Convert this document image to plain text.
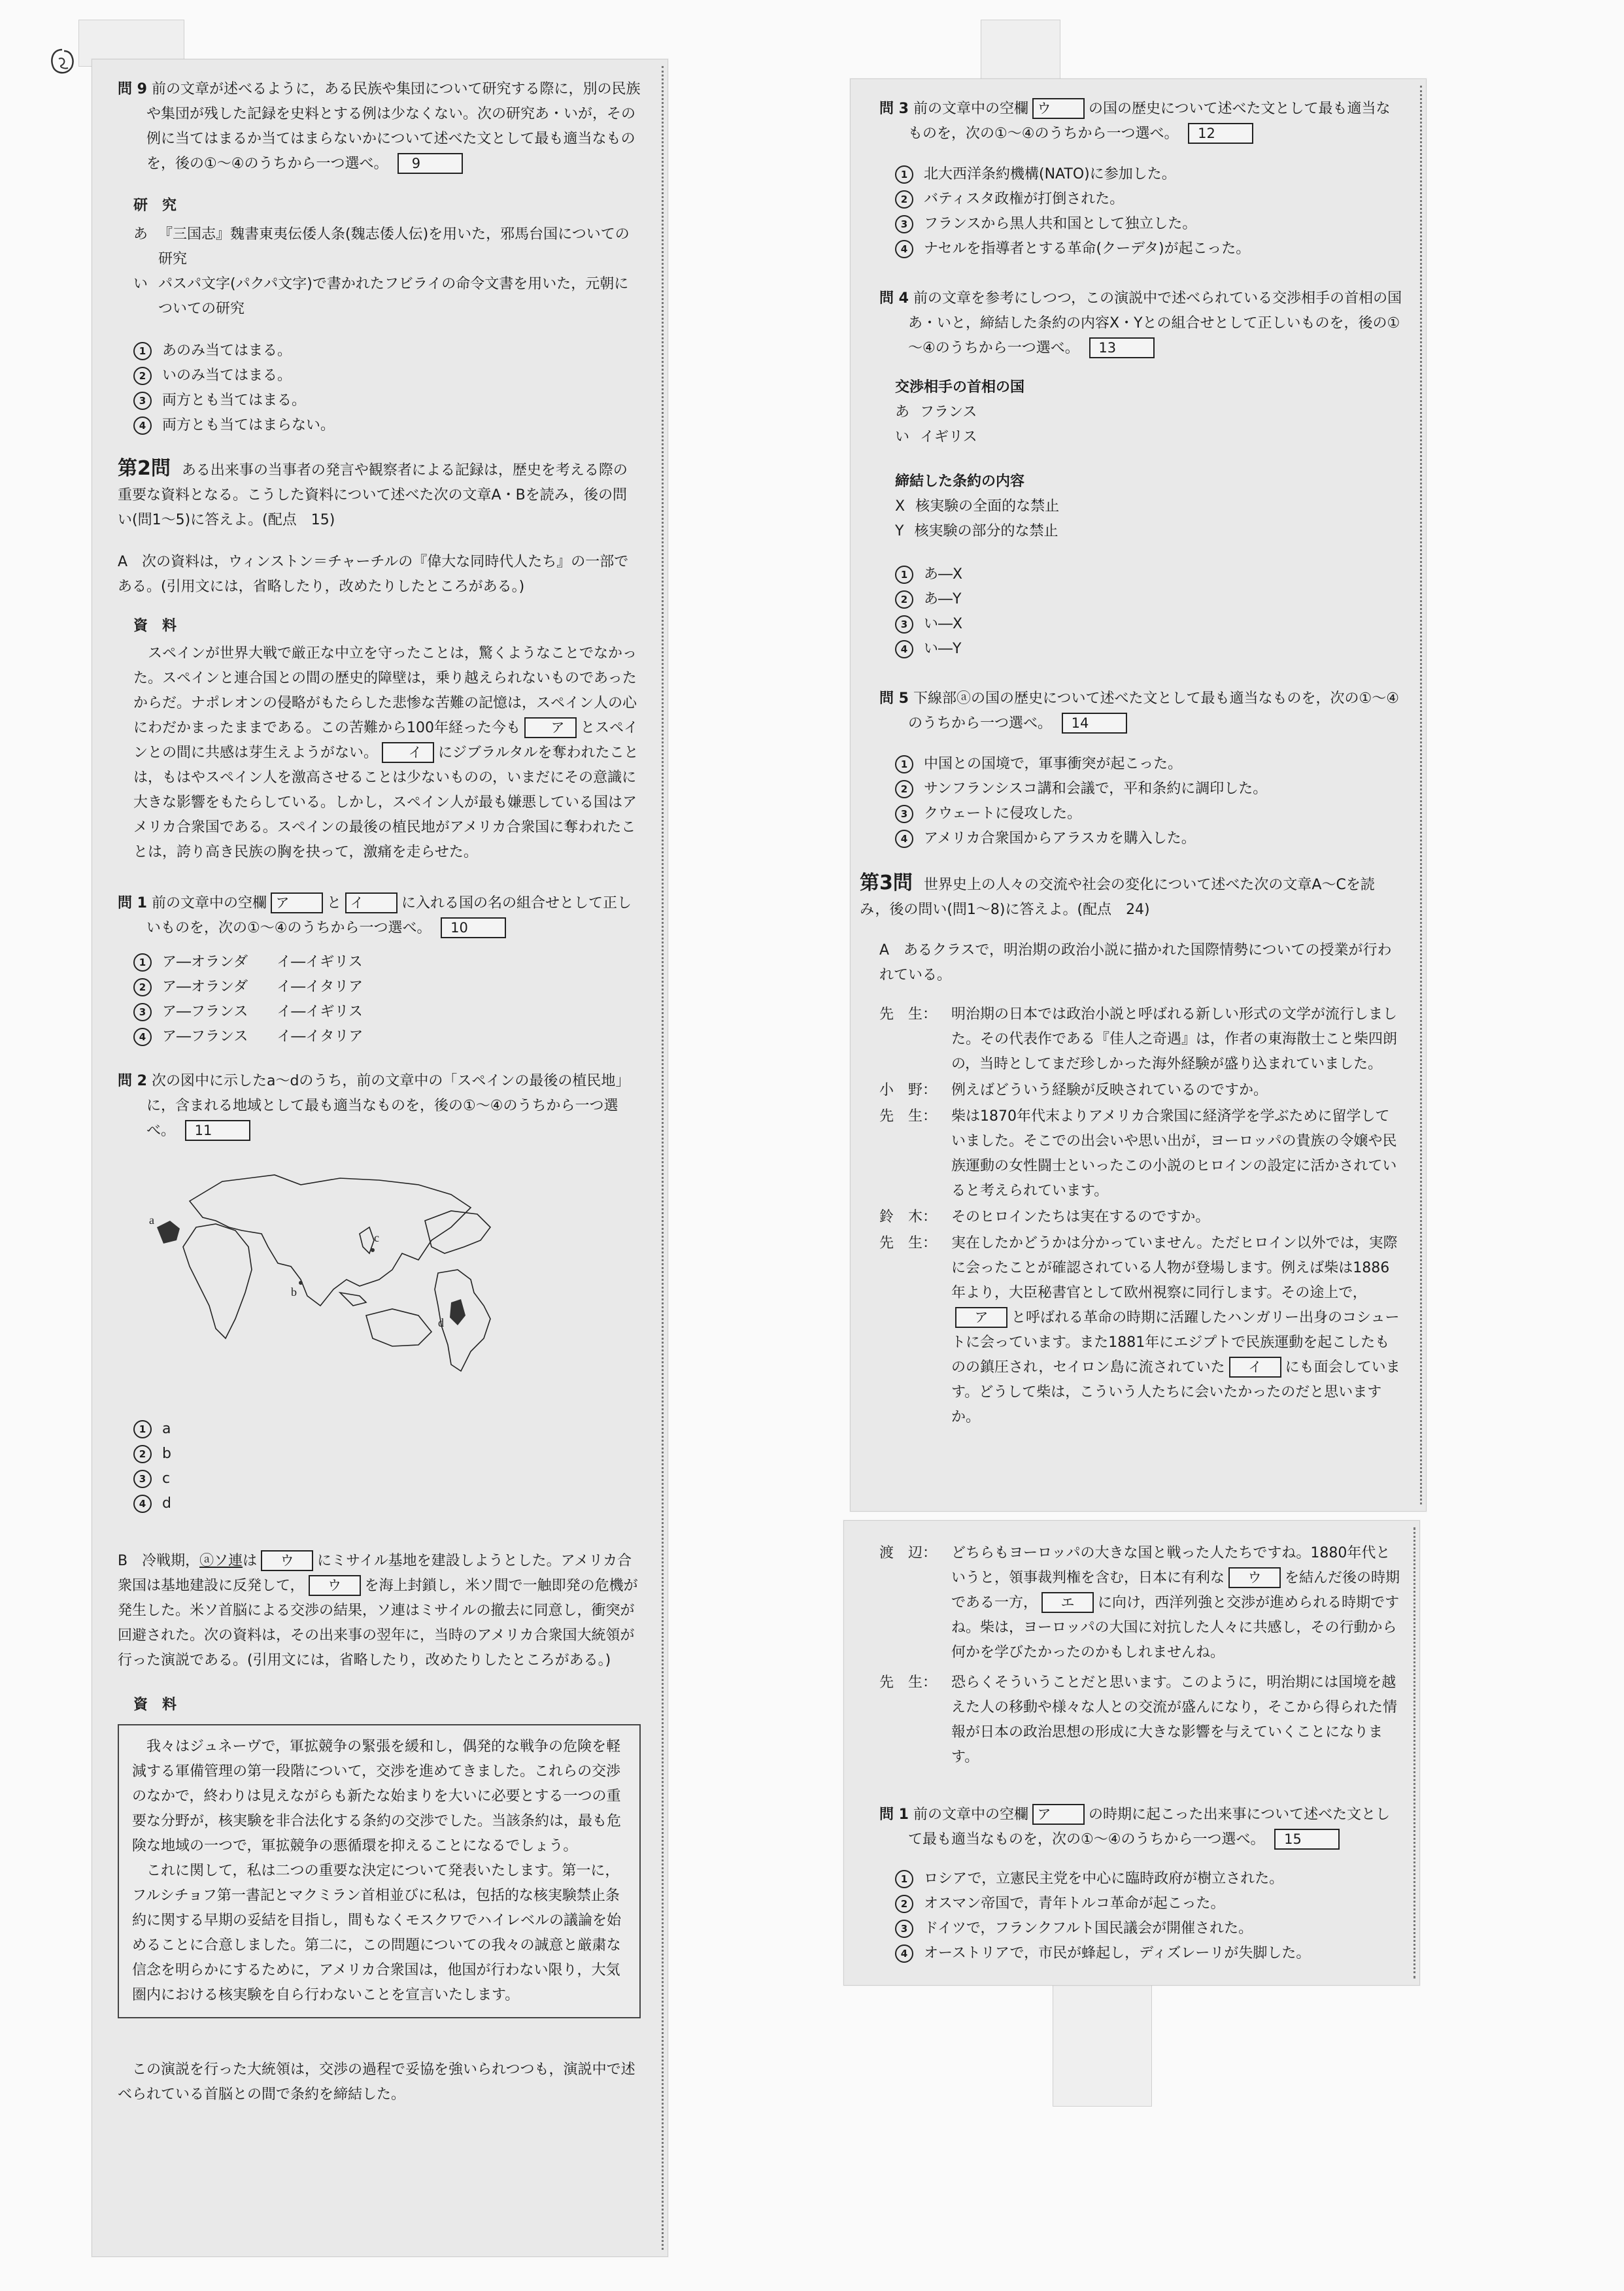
問 9 前の文章が述べるように，ある民族や集団について研究する際に，別の民族や集団が残した記録を史料とする例は少なくない。次の研究あ・いが，その例に当てはまるか当てはまらないかについて述べた文として最も適当なものを，後の①～④のうちから一つ選べ。 9
研　究
あ 『三国志』魏書東夷伝倭人条(魏志倭人伝)を用いた，邪馬台国についての研究
い パスパ文字(パクパ文字)で書かれたフビライの命令文書を用いた，元朝についての研究
1	あのみ当てはまる。
2	いのみ当てはまる。
3	両方とも当てはまる。
4	両方とも当てはまらない。
第2問 ある出来事の当事者の発言や観察者による記録は，歴史を考える際の重要な資料となる。こうした資料について述べた次の文章A・Bを読み，後の問い(問1～5)に答えよ。(配点　15)
A　次の資料は，ウィンストン＝チャーチルの『偉大な同時代人たち』の一部である。(引用文には，省略したり，改めたりしたところがある。)
資　料
スペインが世界大戦で厳正な中立を守ったことは，驚くようなことでなかった。スペインと連合国との間の歴史的障壁は，乗り越えられないものであったからだ。ナポレオンの侵略がもたらした悲惨な苦難の記憶は，スペイン人の心にわだかまったままである。この苦難から100年経った今も ア とスペインとの間に共感は芽生えようがない。 イ にジブラルタルを奪われたことは，もはやスペイン人を激高させることは少ないものの，いまだにその意識に大きな影響をもたらしている。しかし，スペイン人が最も嫌悪している国はアメリカ合衆国である。スペインの最後の植民地がアメリカ合衆国に奪われたことは，誇り高き民族の胸を抉って，激痛を走らせた。
問 1 前の文章中の空欄 ア	と イ	に入れる国の名の組合せとして正しいものを，次の①～④のうちから一つ選べ。 10
1	ア―オランダ　　イ―イギリス
2	ア―オランダ　　イ―イタリア
3	ア―フランス　　イ―イギリス
4	ア―フランス　　イ―イタリア
問 2 次の図中に示したa～dのうち，前の文章中の「スペインの最後の植民地」に，含まれる地域として最も適当なものを，後の①～④のうちから一つ選べ。 11
a
b
c
d
1	a
2	b
3	c
4	d
B　冷戦期，ⓐソ連は ウ にミサイル基地を建設しようとした。アメリカ合衆国は基地建設に反発して， ウ を海上封鎖し，米ソ間で一触即発の危機が発生した。米ソ首脳による交渉の結果，ソ連はミサイルの撤去に同意し，衝突が回避された。次の資料は，その出来事の翌年に，当時のアメリカ合衆国大統領が行った演説である。(引用文には，省略したり，改めたりしたところがある。)
資　料
我々はジュネーヴで，軍拡競争の緊張を緩和し，偶発的な戦争の危険を軽減する軍備管理の第一段階について，交渉を進めてきました。これらの交渉のなかで，終わりは見えながらも新たな始まりを大いに必要とする一つの重要な分野が，核実験を非合法化する条約の交渉でした。当該条約は，最も危険な地域の一つで，軍拡競争の悪循環を抑えることになるでしょう。
これに関して，私は二つの重要な決定について発表いたします。第一に，フルシチョフ第一書記とマクミラン首相並びに私は，包括的な核実験禁止条約に関する早期の妥結を目指し，間もなくモスクワでハイレベルの議論を始めることに合意しました。第二に，この問題についての我々の誠意と厳粛な信念を明らかにするために，アメリカ合衆国は，他国が行わない限り，大気圏内における核実験を自ら行わないことを宣言いたします。
この演説を行った大統領は，交渉の過程で妥協を強いられつつも，演説中で述べられている首脳との間で条約を締結した。
問 3 前の文章中の空欄 ウ	の国の歴史について述べた文として最も適当なものを，次の①～④のうちから一つ選べ。 12
1	北大西洋条約機構(NATO)に参加した。
2	バティスタ政権が打倒された。
3	フランスから黒人共和国として独立した。
4	ナセルを指導者とする革命(クーデタ)が起こった。
問 4 前の文章を参考にしつつ，この演説中で述べられている交渉相手の首相の国あ・いと，締結した条約の内容X・Yとの組合せとして正しいものを，後の①～④のうちから一つ選べ。 13
交渉相手の首相の国
あ フランス
い イギリス
締結した条約の内容
X 核実験の全面的な禁止
Y 核実験の部分的な禁止
1	あ―X
2	あ―Y
3	い―X
4	い―Y
問 5 下線部ⓐの国の歴史について述べた文として最も適当なものを，次の①～④のうちから一つ選べ。 14
1	中国との国境で，軍事衝突が起こった。
2	サンフランシスコ講和会議で，平和条約に調印した。
3	クウェートに侵攻した。
4	アメリカ合衆国からアラスカを購入した。
第3問 世界史上の人々の交流や社会の変化について述べた次の文章A～Cを読み，後の問い(問1～8)に答えよ。(配点　24)
A　あるクラスで，明治期の政治小説に描かれた国際情勢についての授業が行われている。
先　生： 明治期の日本では政治小説と呼ばれる新しい形式の文学が流行しました。その代表作である『佳人之奇遇』は，作者の東海散士こと柴四朗の，当時としてまだ珍しかった海外経験が盛り込まれていました。
小　野： 例えばどういう経験が反映されているのですか。
先　生： 柴は1870年代末よりアメリカ合衆国に経済学を学ぶために留学していました。そこでの出会いや思い出が，ヨーロッパの貴族の令嬢や民族運動の女性闘士といったこの小説のヒロインの設定に活かされていると考えられています。
鈴　木： そのヒロインたちは実在するのですか。
先　生： 実在したかどうかは分かっていません。ただヒロイン以外では，実際に会ったことが確認されている人物が登場します。例えば柴は1886年より，大臣秘書官として欧州視察に同行します。その途上で，ア と呼ばれる革命の時期に活躍したハンガリー出身のコシュートに会っています。また1881年にエジプトで民族運動を起こしたものの鎮圧され，セイロン島に流されていた イ にも面会しています。どうして柴は，こういう人たちに会いたかったのだと思いますか。
渡　辺： どちらもヨーロッパの大きな国と戦った人たちですね。1880年代というと，領事裁判権を含む，日本に有利な ウ を結んだ後の時期である一方， エ に向け，西洋列強と交渉が進められる時期ですね。柴は，ヨーロッパの大国に対抗した人々に共感し，その行動から何かを学びたかったのかもしれませんね。
先　生： 恐らくそういうことだと思います。このように，明治期には国境を越えた人の移動や様々な人との交流が盛んになり，そこから得られた情報が日本の政治思想の形成に大きな影響を与えていくことになります。
問 1 前の文章中の空欄 ア	の時期に起こった出来事について述べた文として最も適当なものを，次の①～④のうちから一つ選べ。 15
1	ロシアで，立憲民主党を中心に臨時政府が樹立された。
2	オスマン帝国で，青年トルコ革命が起こった。
3	ドイツで，フランクフルト国民議会が開催された。
4	オーストリアで，市民が蜂起し，ディズレーリが失脚した。
